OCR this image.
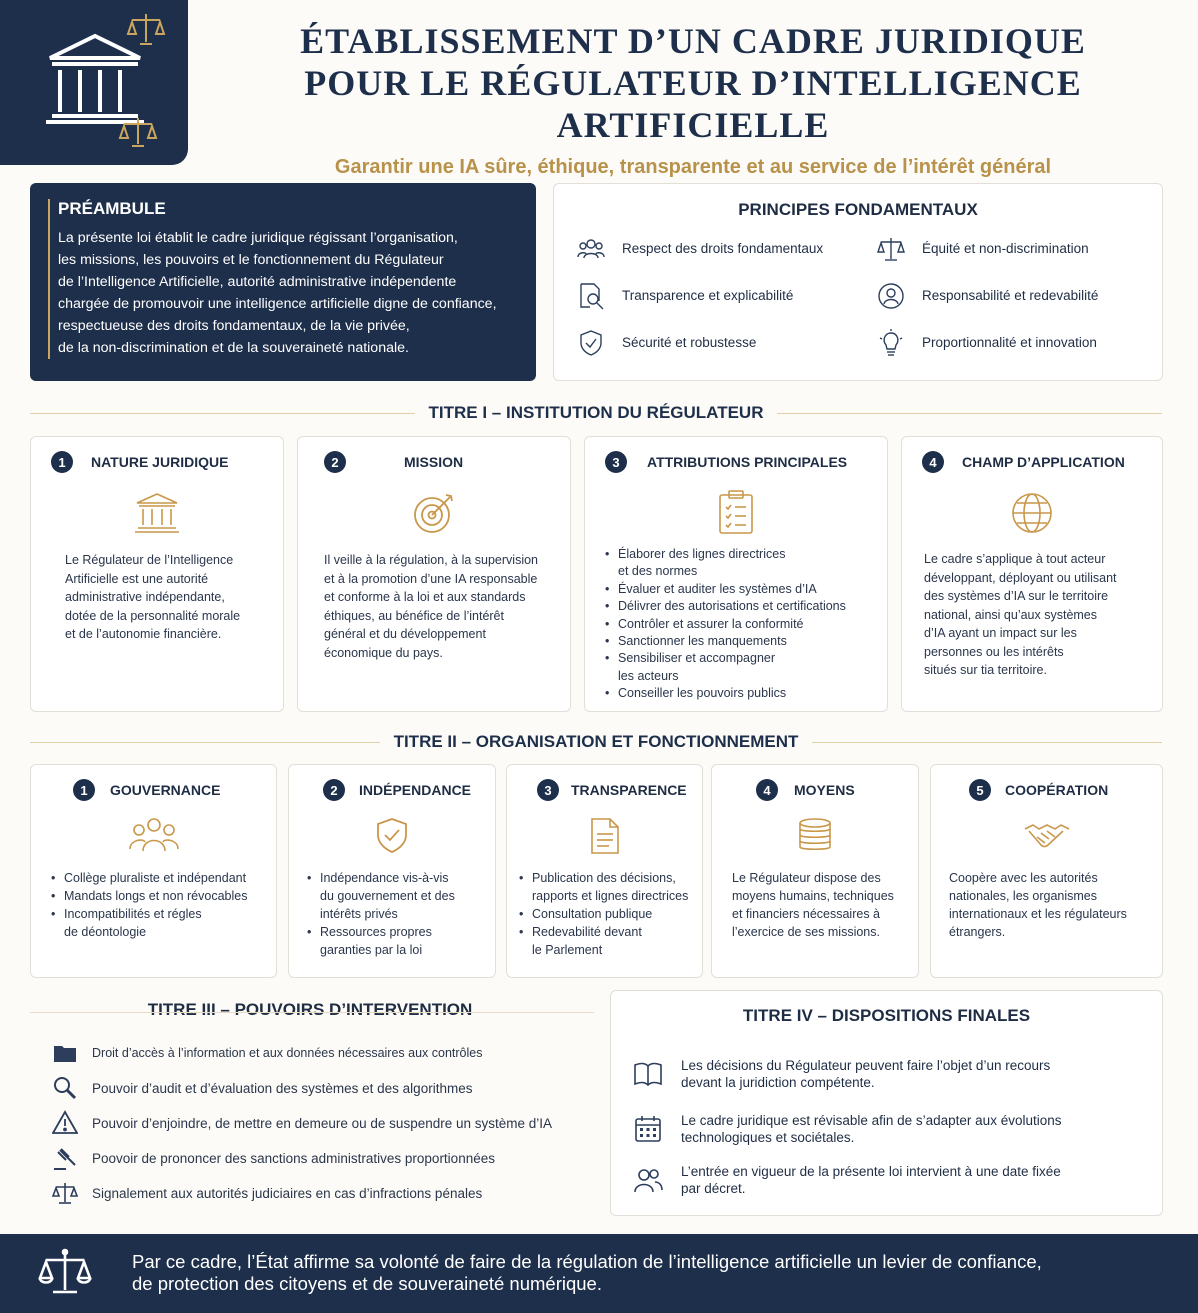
ÉTABLISSEMENT D’UN CADRE JURIDIQUE
POUR LE RÉGULATEUR D’INTELLIGENCE ARTIFICIELLE
Garantir une IA sûre, éthique, transparente et au service de l’intérêt général
PRÉAMBULE

La présente loi établit le cadre juridique régissant l’organisation,
les missions, les pouvoirs et le fonctionnement du Régulateur
de l’Intelligence Artificielle, autorité administrative indépendente
chargée de promouvoir une intelligence artificielle digne de confiance,
respectueuse des droits fondamentaux, de la vie privée,
de la non-discrimination et de la souveraineté nationale.

PRINCIPES FONDAMENTAUX
Respect des droits fondamentaux	Équité et non-discrimination
Transparence et explicabilité	Responsabilité et redevabilité
Sécurité et robustesse	Proportionnalité et innovation
TITRE I – INSTITUTION DU RÉGULATEUR
1	NATURE JURIDIQUE
Le Régulateur de l’Intelligence
Artificielle est une autorité
administrative indépendante,
dotée de la personnalité morale
et de l’autonomie financière.
2	MISSION
Il veille à la régulation, à la supervision
et à la promotion d’une IA responsable
et conforme à la loi et aux standards
éthiques, au bénéfice de l’intérêt
général et du développement
économique du pays.
3	ATTRIBUTIONS PRINCIPALES
• Élaborer des lignes directrices
et des normes
• Évaluer et auditer les systèmes d’IA
• Délivrer des autorisations et certifications
• Contrôler et assurer la conformité
• Sanctionner les manquements
• Sensibiliser et accompagner
les acteurs
• Conseiller les pouvoirs publics
4	CHAMP D’APPLICATION
Le cadre s’applique à tout acteur
développant, déployant ou utilisant
des systèmes d’IA sur le territoire
national, ainsi qu’aux systèmes
d’IA ayant un impact sur les
personnes ou les intérêts
situés sur tia territoire.
TITRE II – ORGANISATION ET FONCTIONNEMENT
1	GOUVERNANCE
• Collège pluraliste et indépendant
• Mandats longs et non révocables
• Incompatibilités et régles
de déontologie
2	INDÉPENDANCE
• Indépendance vis-à-vis
du gouvernement et des
intérêts privés
• Ressources propres
garanties par la loi
3	TRANSPARENCE
• Publication des décisions,
rapports et lignes directrices
• Consultation publique
• Redevabilité devant
le Parlement
4	MOYENS
Le Régulateur dispose des
moyens humains, techniques
et financiers nécessaires à
l’exercice de ses missions.
5	COOPÉRATION
Coopère avec les autorités
nationales, les organismes
internationaux et les régulateurs
étrangers.
TITRE III – POUVOIRS D’INTERVENTION
Droit d’accès à l’information et aux données nécessaires aux contrôles
Pouvoir d’audit et d’évaluation des systèmes et des algorithmes
Pouvoir d’enjoindre, de mettre en demeure ou de suspendre un système d’IA
Poovoir de prononcer des sanctions administratives proportionnées
Signalement aux autorités judiciaires en cas d’infractions pénales
TITRE IV – DISPOSITIONS FINALES
Les décisions du Régulateur peuvent faire l’objet d’un recours
devant la juridiction compétente.
Le cadre juridique est révisable afin de s’adapter aux évolutions
technologiques et sociétales.
L’entrée en vigueur de la présente loi intervient à une date fixée
par décret.

Par ce cadre, l’État affirme sa volonté de faire de la régulation de l’intelligence artificielle un levier de confiance,
de protection des citoyens et de souveraineté numérique.
